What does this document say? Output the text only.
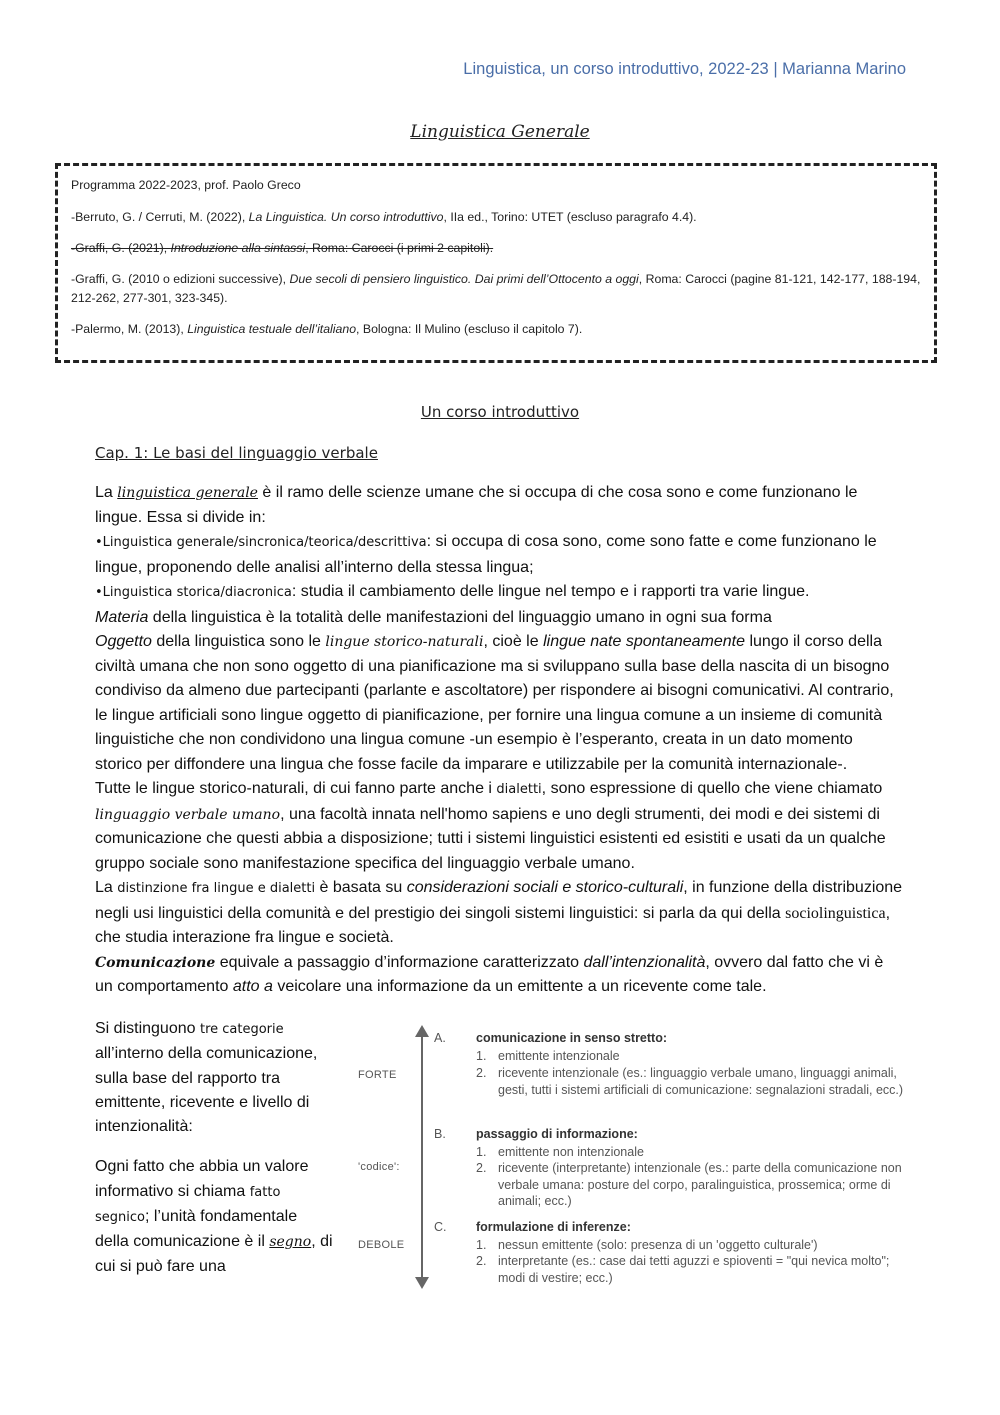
Linguistica, un corso introduttivo, 2022-23 | Marianna Marino
Linguistica Generale

Programma 2022-2023, prof. Paolo Greco

-Berruto, G. / Cerruti, M. (2022), La Linguistica. Un corso introduttivo, IIa ed., Torino: UTET (escluso paragrafo 4.4).

-Graffi, G. (2021), Introduzione alla sintassi, Roma: Carocci (i primi 2 capitoli).

-Graffi, G. (2010 o edizioni successive), Due secoli di pensiero linguistico. Dai primi dell’Ottocento a oggi, Roma: Carocci (pagine 81-121, 142-177, 188-194, 212-262, 277-301, 323-345).

-Palermo, M. (2013), Linguistica testuale dell’italiano, Bologna: Il Mulino (escluso il capitolo 7).

Un corso introduttivo
Cap. 1: Le basi del linguaggio verbale

La linguistica generale è il ramo delle scienze umane che si occupa di che cosa sono e come funzionano le lingue. Essa si divide in:

•Linguistica generale/sincronica/teorica/descrittiva: si occupa di cosa sono, come sono fatte e come funzionano le lingue, proponendo delle analisi all’interno della stessa lingua;

•Linguistica storica/diacronica: studia il cambiamento delle lingue nel tempo e i rapporti tra varie lingue.

Materia della linguistica è la totalità delle manifestazioni del linguaggio umano in ogni sua forma

Oggetto della linguistica sono le lingue storico-naturali, cioè le lingue nate spontaneamente lungo il corso della civiltà umana che non sono oggetto di una pianificazione ma si sviluppano sulla base della nascita di un bisogno condiviso da almeno due partecipanti (parlante e ascoltatore) per rispondere ai bisogni comunicativi. Al contrario, le lingue artificiali sono lingue oggetto di pianificazione, per fornire una lingua comune a un insieme di comunità linguistiche che non condividono una lingua comune -un esempio è l’esperanto, creata in un dato momento storico per diffondere una lingua che fosse facile da imparare e utilizzabile per la comunità internazionale-.

Tutte le lingue storico-naturali, di cui fanno parte anche i dialetti, sono espressione di quello che viene chiamato linguaggio verbale umano, una facoltà innata nell'homo sapiens e uno degli strumenti, dei modi e dei sistemi di comunicazione che questi abbia a disposizione; tutti i sistemi linguistici esistenti ed esistiti e usati da un qualche gruppo sociale sono manifestazione specifica del linguaggio verbale umano.

La distinzione fra lingue e dialetti è basata su considerazioni sociali e storico-culturali, in funzione della distribuzione negli usi linguistici della comunità e del prestigio dei singoli sistemi linguistici: si parla da qui della sociolinguistica, che studia interazione fra lingue e società.

Comunicazione equivale a passaggio d’informazione caratterizzato dall’intenzionalità, ovvero dal fatto che vi è un comportamento atto a veicolare una informazione da un emittente a un ricevente come tale.

Si distinguono tre categorie all’interno della comunicazione, sulla base del rapporto tra emittente, ricevente e livello di intenzionalità:

Ogni fatto che abbia un valore informativo si chiama fatto segnico; l’unità fondamentale della comunicazione è il segno, di cui si può fare una

FORTE
'codice':
DEBOLE
A. comunicazione in senso stretto:
1. emittente intenzionale
2. ricevente intenzionale (es.: linguaggio verbale umano, linguaggi animali, gesti, tutti i sistemi artificiali di comunicazione: segnalazioni stradali, ecc.)
B. passaggio di informazione:
1. emittente non intenzionale
2. ricevente (interpretante) intenzionale (es.: parte della comunicazione non verbale umana: posture del corpo, paralinguistica, prossemica; orme di animali; ecc.)
C. formulazione di inferenze:
1. nessun emittente (solo: presenza di un 'oggetto culturale')
2. interpretante (es.: case dai tetti aguzzi e spioventi = "qui nevica molto"; modi di vestire; ecc.)
